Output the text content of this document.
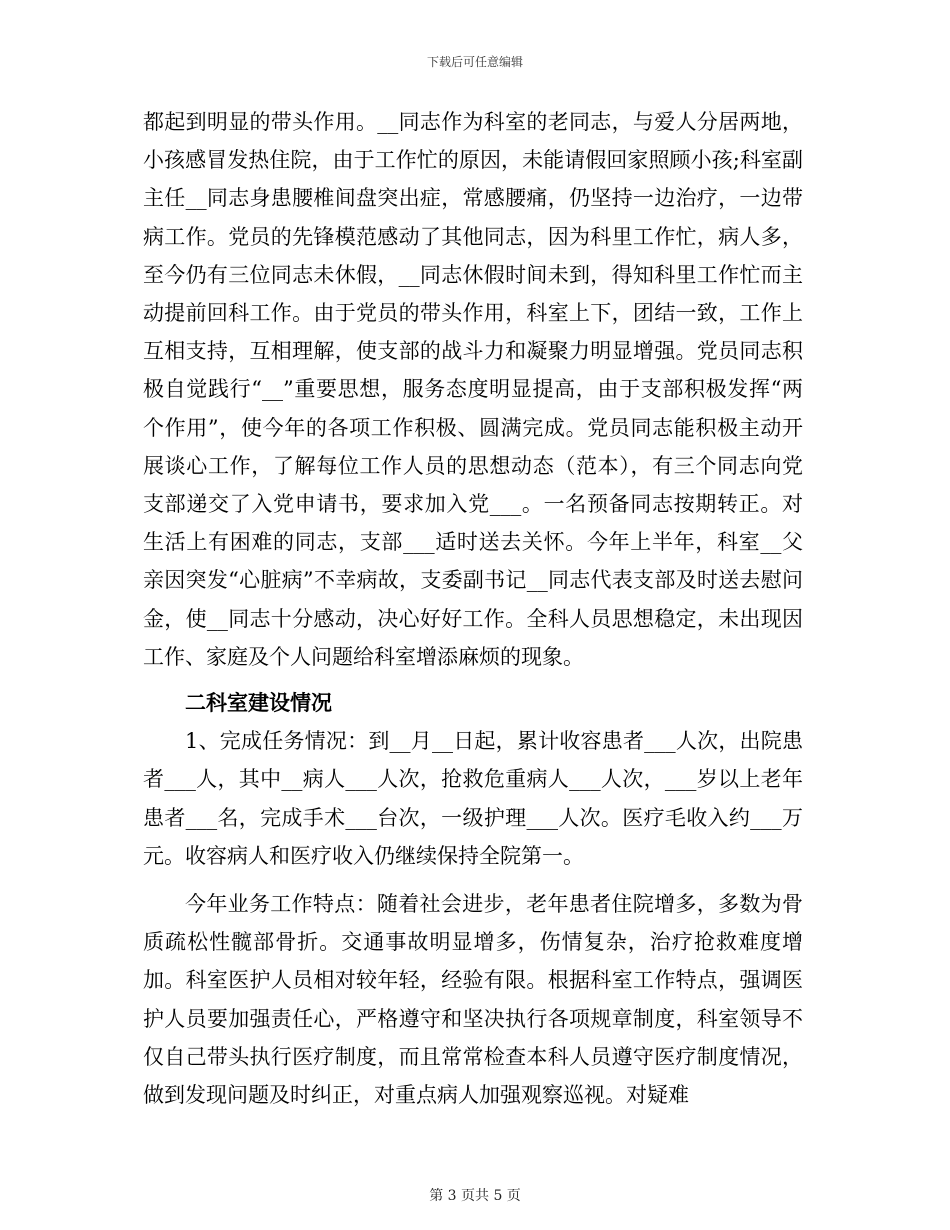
下载后可任意编辑

都起到明显的带头作用。__同志作为科室的老同志，与爱人分居两地，小孩感冒发热住院，由于工作忙的原因，未能请假回家照顾小孩;科室副主任__同志身患腰椎间盘突出症，常感腰痛，仍坚持一边治疗，一边带病工作。党员的先锋模范感动了其他同志，因为科里工作忙，病人多，至今仍有三位同志未休假，__同志休假时间未到，得知科里工作忙而主动提前回科工作。由于党员的带头作用，科室上下，团结一致，工作上互相支持，互相理解，使支部的战斗力和凝聚力明显增强。党员同志积极自觉践行“__”重要思想，服务态度明显提高，由于支部积极发挥“两个作用”，使今年的各项工作积极、圆满完成。党员同志能积极主动开展谈心工作，了解每位工作人员的思想动态（范本），有三个同志向党支部递交了入党申请书，要求加入党___。一名预备同志按期转正。对生活上有困难的同志，支部___适时送去关怀。今年上半年，科室__父亲因突发“心脏病”不幸病故，支委副书记__同志代表支部及时送去慰问金，使__同志十分感动，决心好好工作。全科人员思想稳定，未出现因工作、家庭及个人问题给科室增添麻烦的现象。

二科室建设情况

1、完成任务情况：到__月__日起，累计收容患者___人次，出院患者___人，其中__病人___人次，抢救危重病人___人次，___岁以上老年患者___名，完成手术___台次，一级护理___人次。医疗毛收入约___万元。收容病人和医疗收入仍继续保持全院第一。

今年业务工作特点：随着社会进步，老年患者住院增多，多数为骨质疏松性髋部骨折。交通事故明显增多，伤情复杂，治疗抢救难度增加。科室医护人员相对较年轻，经验有限。根据科室工作特点，强调医护人员要加强责任心，严格遵守和坚决执行各项规章制度，科室领导不仅自己带头执行医疗制度，而且常常检查本科人员遵守医疗制度情况，做到发现问题及时纠正，对重点病人加强观察巡视。对疑难

第 3 页共 5 页
